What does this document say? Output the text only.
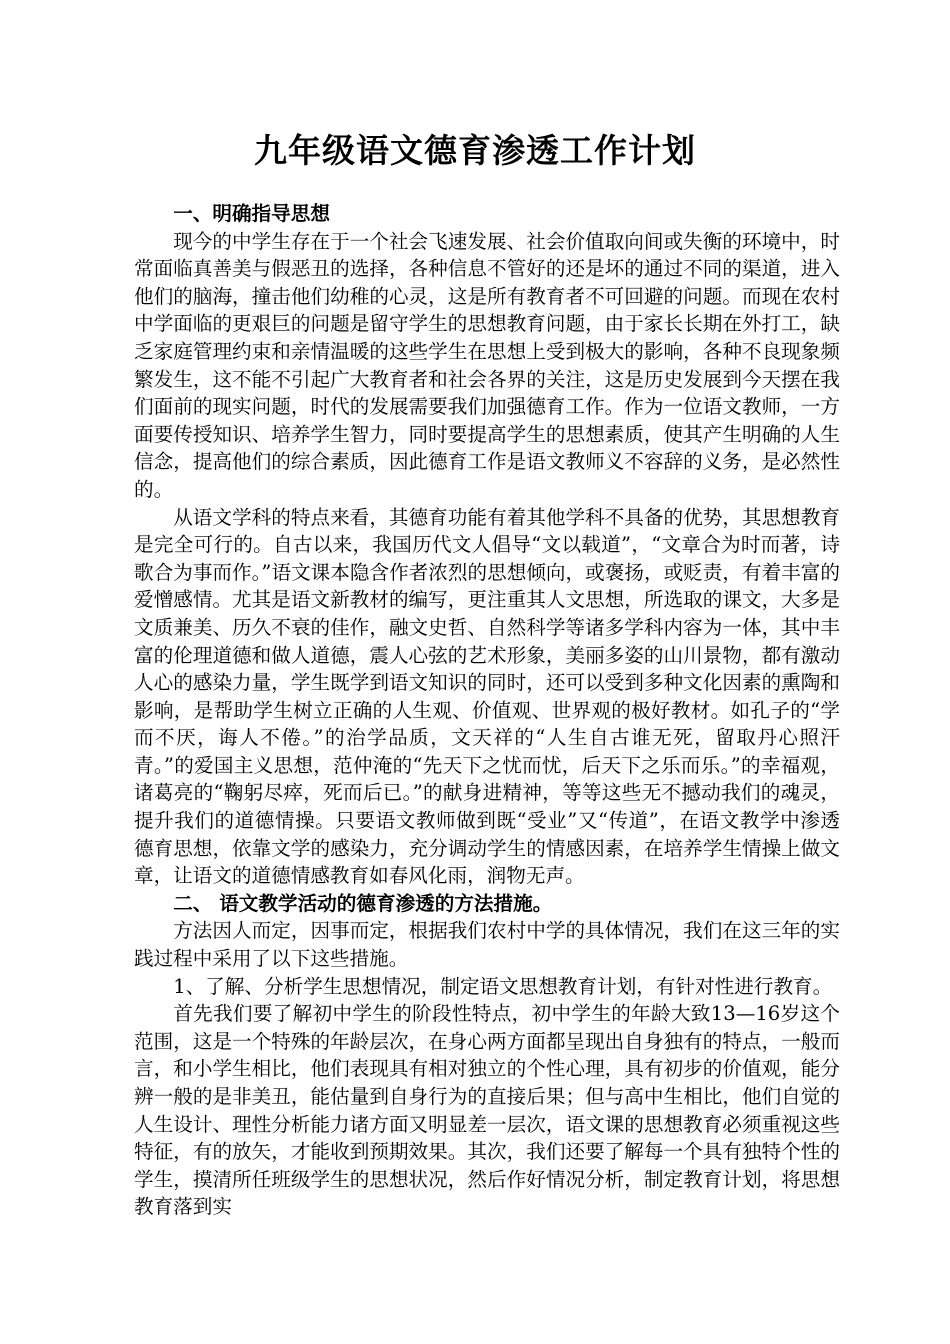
九年级语文德育渗透工作计划
一、明确指导思想

现今的中学生存在于一个社会飞速发展、社会价值取向间或失衡的环境中，时常面临真善美与假恶丑的选择，各种信息不管好的还是坏的通过不同的渠道，进入他们的脑海，撞击他们幼稚的心灵，这是所有教育者不可回避的问题。而现在农村中学面临的更艰巨的问题是留守学生的思想教育问题，由于家长长期在外打工，缺乏家庭管理约束和亲情温暖的这些学生在思想上受到极大的影响，各种不良现象频繁发生，这不能不引起广大教育者和社会各界的关注，这是历史发展到今天摆在我们面前的现实问题，时代的发展需要我们加强德育工作。作为一位语文教师，一方面要传授知识、培养学生智力，同时要提高学生的思想素质，使其产生明确的人生信念，提高他们的综合素质，因此德育工作是语文教师义不容辞的义务，是必然性的。

从语文学科的特点来看，其德育功能有着其他学科不具备的优势，其思想教育是完全可行的。自古以来，我国历代文人倡导“文以载道”，“文章合为时而著，诗歌合为事而作。”语文课本隐含作者浓烈的思想倾向，或褒扬，或贬责，有着丰富的爱憎感情。尤其是语文新教材的编写，更注重其人文思想，所选取的课文，大多是文质兼美、历久不衰的佳作，融文史哲、自然科学等诸多学科内容为一体，其中丰富的伦理道德和做人道德，震人心弦的艺术形象，美丽多姿的山川景物，都有激动人心的感染力量，学生既学到语文知识的同时，还可以受到多种文化因素的熏陶和影响，是帮助学生树立正确的人生观、价值观、世界观的极好教材。如孔子的“学而不厌，诲人不倦。”的治学品质，文天祥的“人生自古谁无死，留取丹心照汗青。”的爱国主义思想，范仲淹的“先天下之忧而忧，后天下之乐而乐。”的幸福观，诸葛亮的“鞠躬尽瘁，死而后已。”的献身进精神，等等这些无不撼动我们的魂灵，提升我们的道德情操。只要语文教师做到既“受业”又“传道”，在语文教学中渗透德育思想，依靠文学的感染力，充分调动学生的情感因素，在培养学生情操上做文章，让语文的道德情感教育如春风化雨，润物无声。

二、 语文教学活动的德育渗透的方法措施。

方法因人而定，因事而定，根据我们农村中学的具体情况，我们在这三年的实践过程中采用了以下这些措施。

1、了解、分析学生思想情况，制定语文思想教育计划，有针对性进行教育。

首先我们要了解初中学生的阶段性特点，初中学生的年龄大致13—16岁这个范围，这是一个特殊的年龄层次，在身心两方面都呈现出自身独有的特点，一般而言，和小学生相比，他们表现具有相对独立的个性心理，具有初步的价值观，能分辨一般的是非美丑，能估量到自身行为的直接后果；但与高中生相比，他们自觉的人生设计、理性分析能力诸方面又明显差一层次，语文课的思想教育必须重视这些特征，有的放矢，才能收到预期效果。其次，我们还要了解每一个具有独特个性的学生，摸清所任班级学生的思想状况，然后作好情况分析，制定教育计划，将思想教育落到实
